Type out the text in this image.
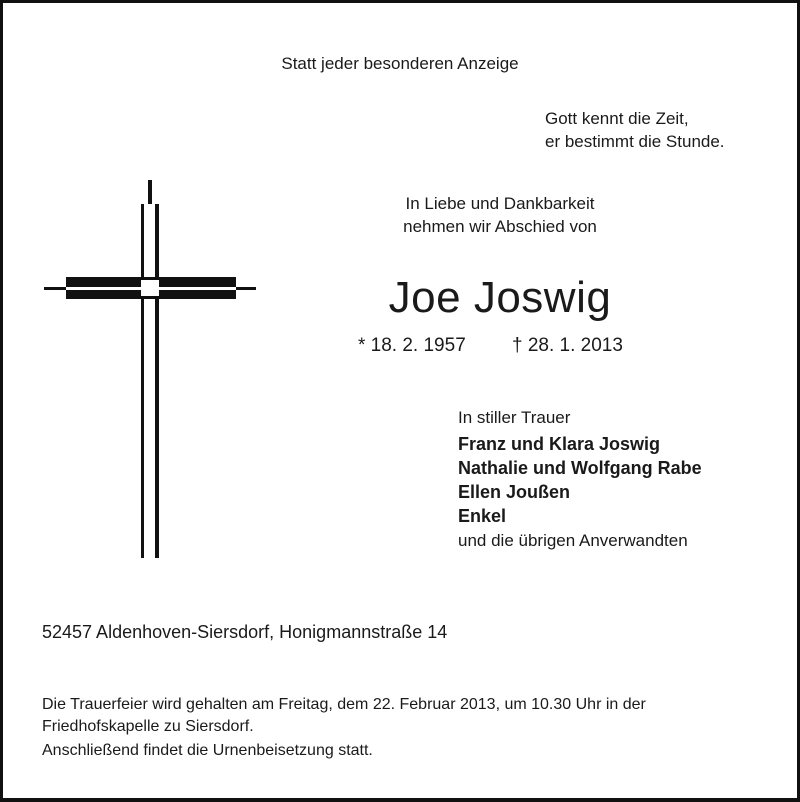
Statt jeder besonderen Anzeige
Gott kennt die Zeit,
er bestimmt die Stunde.
In Liebe und Dankbarkeit
nehmen wir Abschied von
Joe Joswig
* 18. 2. 1957 † 28. 1. 2013
In stiller Trauer
Franz und Klara Joswig
Nathalie und Wolfgang Rabe
Ellen Joußen
Enkel
und die übrigen Anverwandten
52457 Aldenhoven-Siersdorf, Honigmannstraße 14
Die Trauerfeier wird gehalten am Freitag, dem 22. Februar 2013, um 10.30 Uhr in der Friedhofskapelle zu Siersdorf.
Anschließend findet die Urnenbeisetzung statt.
